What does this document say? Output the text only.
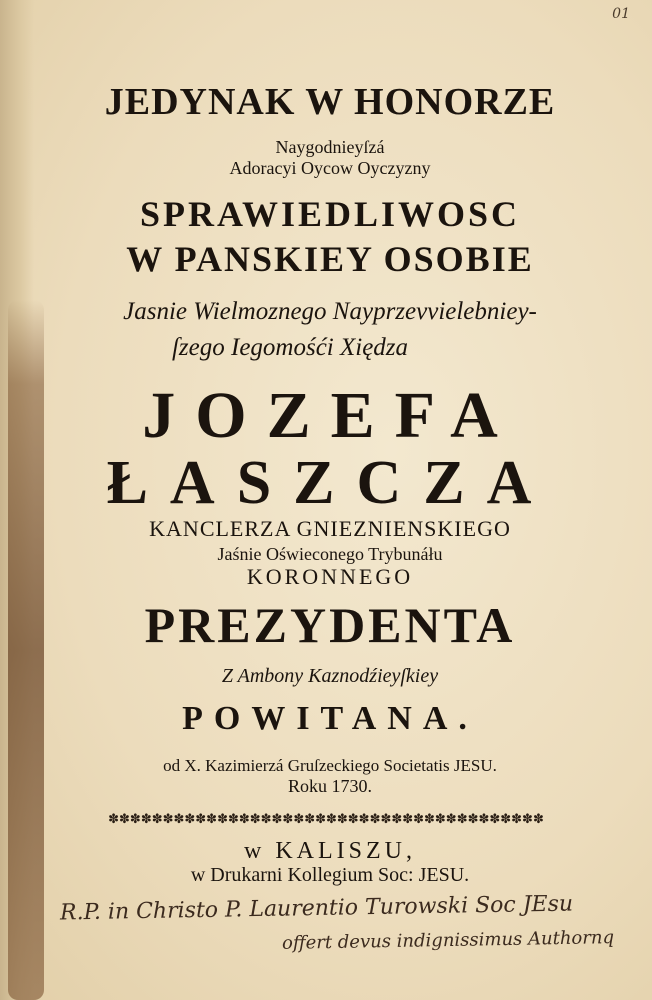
01
JEDYNAK W HONORZE
Naygodnieyſzá
Adoracyi Oycow Oyczyzny
SPRAWIEDLIWOSC
W PANSKIEY OSOBIE
Jasnie Wielmoznego Nayprzevvielebniey-
ſzego Iegomośći Xiędza
JOZEFA
ŁASZCZA
KANCLERZA GNIEZNIENSKIEGO
Jaśnie Oświeconego Trybunáłu
KORONNEGO
PREZYDENTA
Z Ambony Kaznodźieyſkiey
POWITANA.
od X. Kazimierzá Gruſzeckiego Societatis JESU.
Roku 1730.
✽✽✽✽✽✽✽✽✽✽✽✽✽✽✽✽✽✽✽✽✽✽✽✽✽✽✽✽✽✽✽✽✽✽✽✽✽✽✽✽
w KALISZU,
w Drukarni Kollegium Soc: JESU.
R.P. in Christo P. Laurentio Turowski Soc JEsu
offert devus indignissimus Authornq
